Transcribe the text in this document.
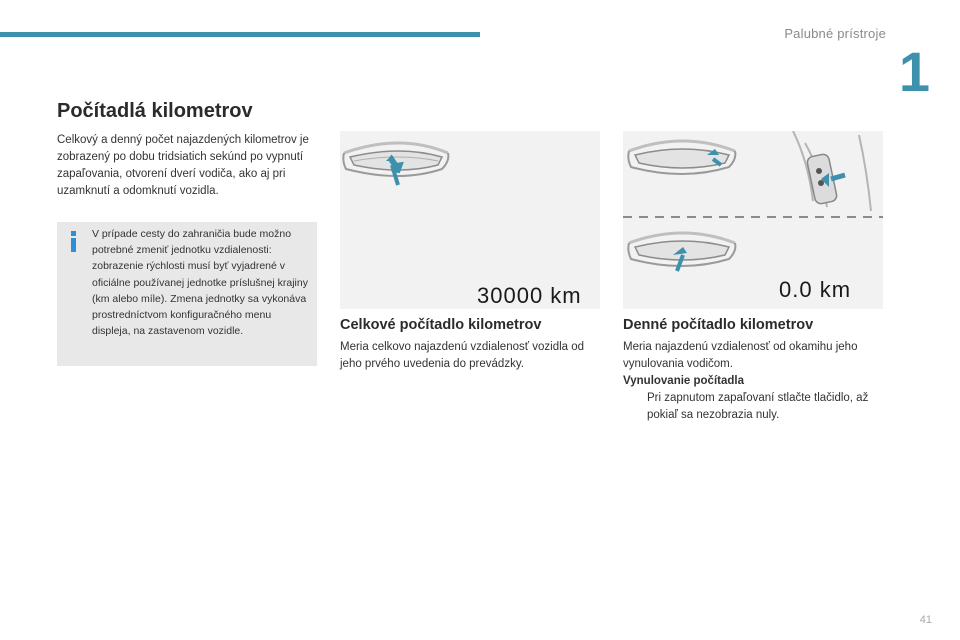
Palubné prístroje
1
Počítadlá kilometrov
Celkový a denný počet najazdených kilometrov je zobrazený po dobu tridsiatich sekúnd po vypnutí zapaľovania, otvorení dverí vodiča, ako aj pri uzamknutí a odomknutí vozidla.
V prípade cesty do zahraničia bude možno potrebné zmeniť jednotku vzdialenosti: zobrazenie rýchlosti musí byť vyjadrené v oficiálne používanej jednotke príslušnej krajiny (km alebo míle). Zmena jednotky sa vykonáva prostredníctvom konfiguračného menu displeja, na zastavenom vozidle.
30000 km	0.0 km
Celkové počítadlo kilometrov
Meria celkovo najazdenú vzdialenosť vozidla od jeho prvého uvedenia do prevádzky.
Denné počítadlo kilometrov
Meria najazdenú vzdialenosť od okamihu jeho vynulovania vodičom.
Vynulovanie počítadla
Pri zapnutom zapaľovaní stlačte tlačidlo, až pokiaľ sa nezobrazia nuly.
41
